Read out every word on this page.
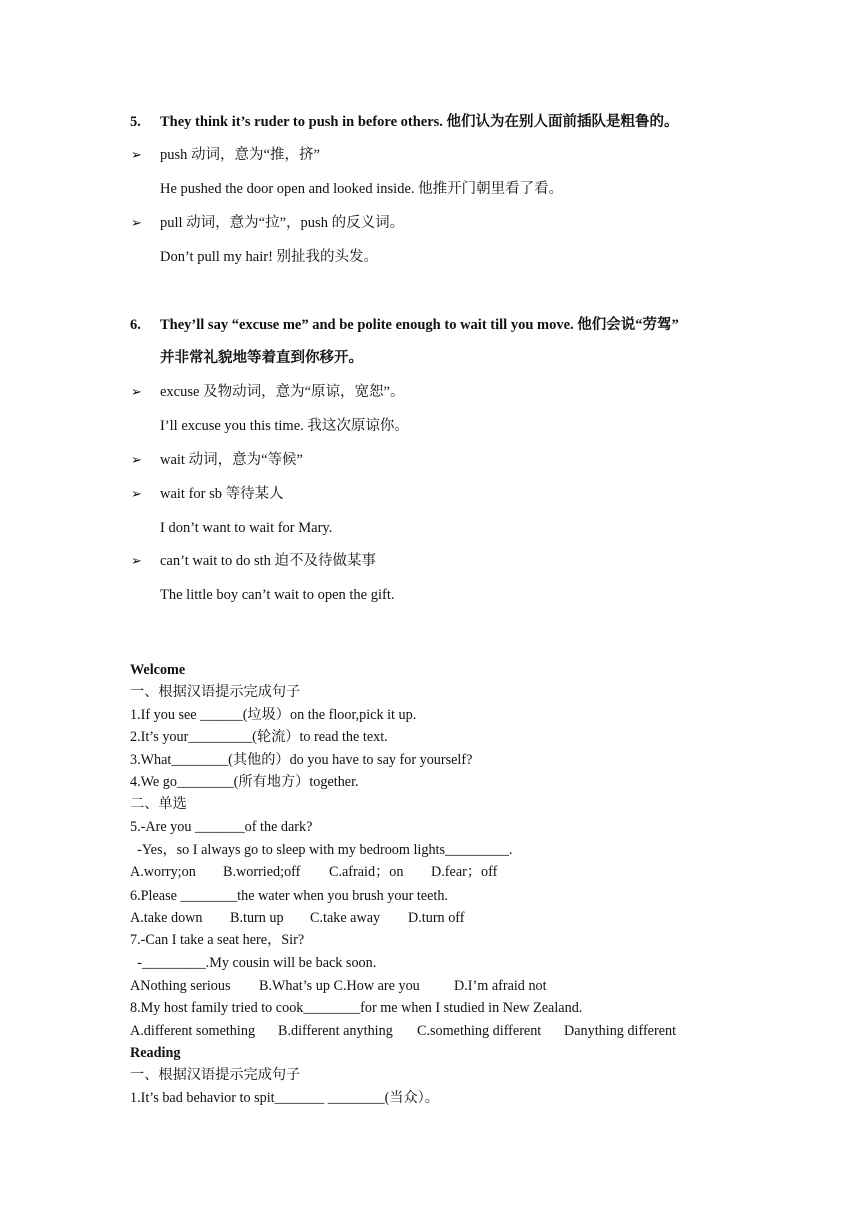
5. They think it’s ruder to push in before others. 他们认为在别人面前插队是粗鲁的。
➢ push 动词，意为“推，挤”
He pushed the door open and looked inside. 他推开门朝里看了看。
➢ pull 动词，意为“拉”，push 的反义词。
Don’t pull my hair! 别扯我的头发。
6. They’ll say “excuse me” and be polite enough to wait till you move. 他们会说“劳驾”
并非常礼貌地等着直到你移开。
➢ excuse 及物动词，意为“原谅，宽恕”。
I’ll excuse you this time. 我这次原谅你。
➢ wait 动词，意为“等候”
➢ wait for sb 等待某人
I don’t want to wait for Mary.
➢ can’t wait to do sth 迫不及待做某事
The little boy can’t wait to open the gift.
Welcome
一、根据汉语提示完成句子
1.If you see ______(垃圾）on the floor,pick it up.
2.It’s your_________(轮流）to read the text.
3.What________(其他的）do you have to say for yourself?
4.We go________(所有地方）together.
二、单选
5.-Are you _______of the dark?
-Yes，so I always go to sleep with my bedroom lights_________.
A.worry;on B.worried;off C.afraid；on D.fear；off
6.Please ________the water when you brush your teeth.
A.take down B.turn up C.take away D.turn off
7.-Can I take a seat here，Sir?
-_________.My cousin will be back soon.
ANothing serious B.What’s up C.How are you D.I’m afraid not
8.My host family tried to cook________for me when I studied in New Zealand.
A.different something B.different anything C.something different Danything different
Reading
一、根据汉语提示完成句子
1.It’s bad behavior to spit_______ ________(当众）。
